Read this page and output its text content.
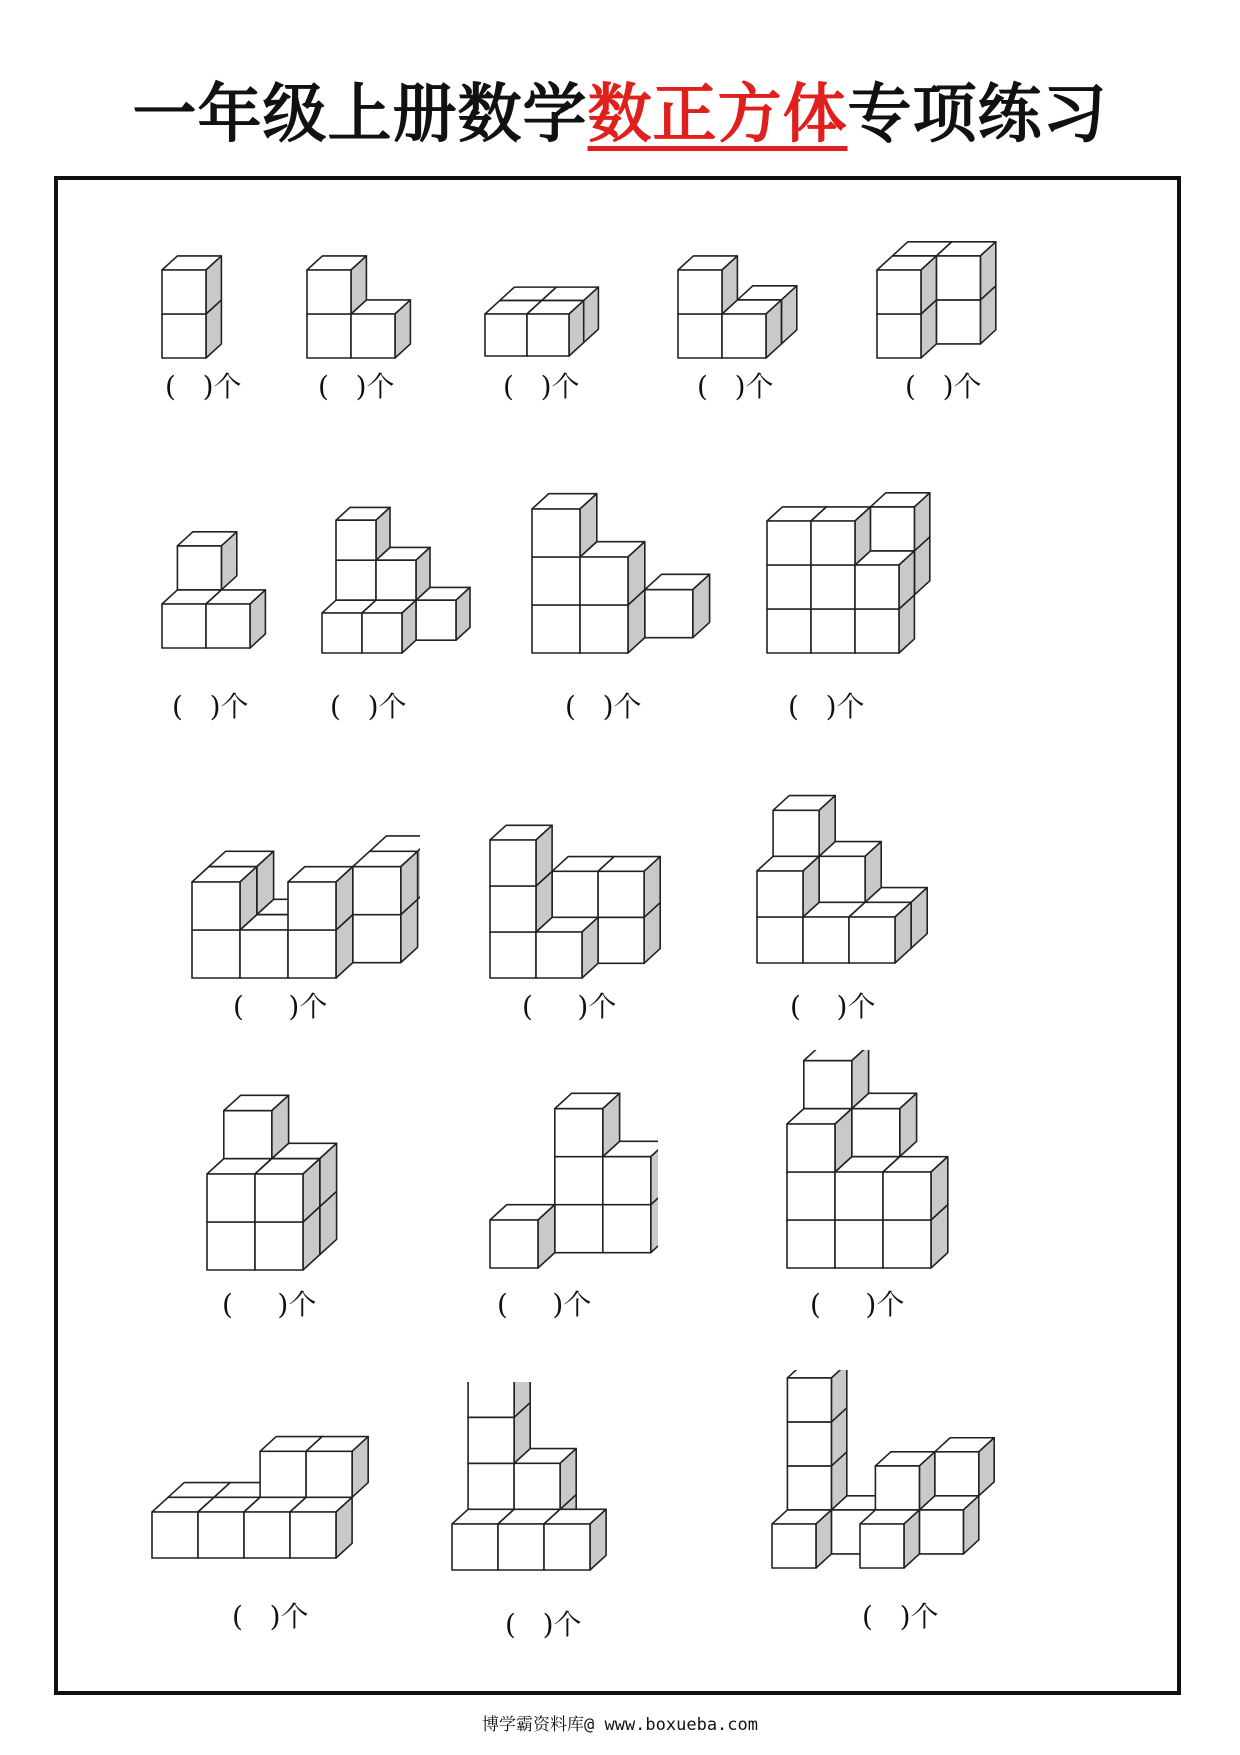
一年级上册数学数正方体专项练习
(   )个	(   )个	(   )个	(   )个	(   )个
(   )个	(   )个	(   )个	(   )个
(     )个	(     )个	(    )个
(     )个	(     )个	(     )个
(   )个	(   )个	(   )个
博学霸资料库@ www.boxueba.com
